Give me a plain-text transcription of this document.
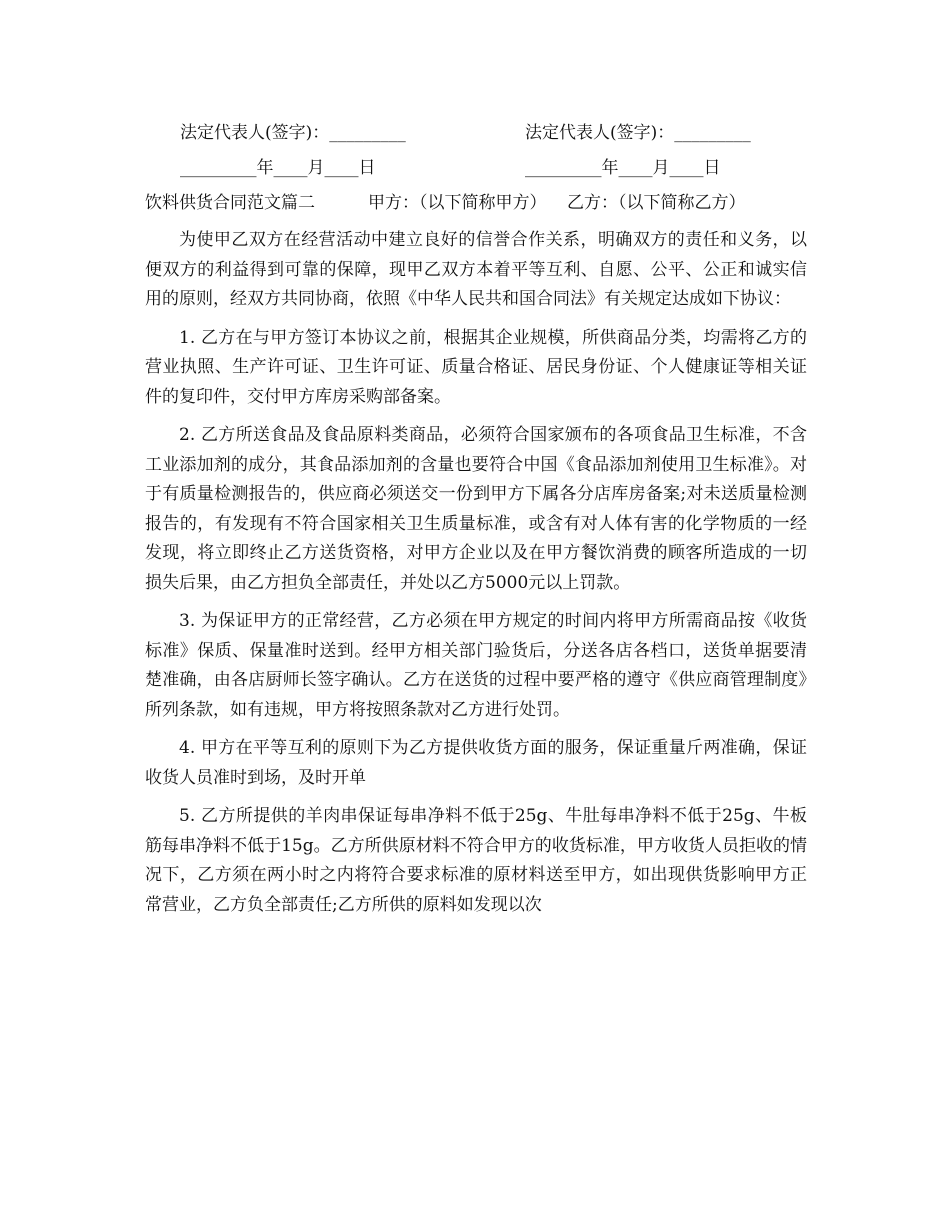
法定代表人(签字)：_________	法定代表人(签字)：_________
_________年____月____日	_________年____月____日
饮料供货合同范文篇二	甲方：（以下简称甲方） 乙方：（以下简称乙方）

为使甲乙双方在经营活动中建立良好的信誉合作关系，明确双方的责任和义务，以便双方的利益得到可靠的保障，现甲乙双方本着平等互利、自愿、公平、公正和诚实信用的原则，经双方共同协商，依照《中华人民共和国合同法》有关规定达成如下协议：

1. 乙方在与甲方签订本协议之前，根据其企业规模，所供商品分类，均需将乙方的营业执照、生产许可证、卫生许可证、质量合格证、居民身份证、个人健康证等相关证件的复印件，交付甲方库房采购部备案。

2. 乙方所送食品及食品原料类商品，必须符合国家颁布的各项食品卫生标准，不含工业添加剂的成分，其食品添加剂的含量也要符合中国《食品添加剂使用卫生标准》。对于有质量检测报告的，供应商必须送交一份到甲方下属各分店库房备案;对未送质量检测报告的，有发现有不符合国家相关卫生质量标准，或含有对人体有害的化学物质的一经发现，将立即终止乙方送货资格，对甲方企业以及在甲方餐饮消费的顾客所造成的一切损失后果，由乙方担负全部责任，并处以乙方5000元以上罚款。

3. 为保证甲方的正常经营，乙方必须在甲方规定的时间内将甲方所需商品按《收货标准》保质、保量准时送到。经甲方相关部门验货后，分送各店各档口，送货单据要清楚准确，由各店厨师长签字确认。乙方在送货的过程中要严格的遵守《供应商管理制度》所列条款，如有违规，甲方将按照条款对乙方进行处罚。

4. 甲方在平等互利的原则下为乙方提供收货方面的服务，保证重量斤两准确，保证收货人员准时到场，及时开单

5. 乙方所提供的羊肉串保证每串净料不低于25g、牛肚每串净料不低于25g、牛板筋每串净料不低于15g。乙方所供原材料不符合甲方的收货标准，甲方收货人员拒收的情况下，乙方须在两小时之内将符合要求标准的原材料送至甲方，如出现供货影响甲方正常营业，乙方负全部责任;乙方所供的原料如发现以次
